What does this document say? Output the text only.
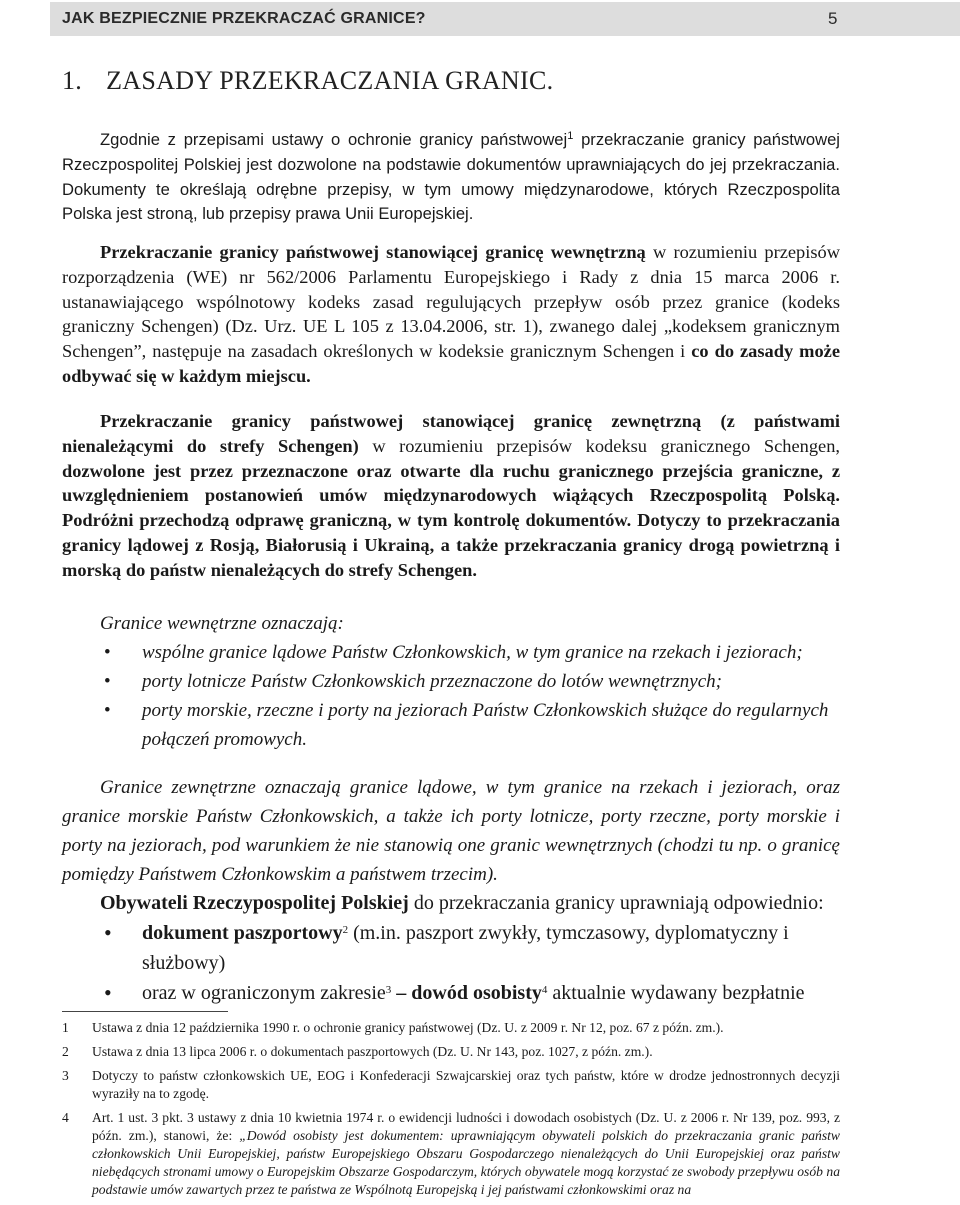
JAK BEZPIECZNIE PRZEKRACZAĆ GRANICE?	5
1. ZASADY PRZEKRACZANIA GRANIC.

Zgodnie z przepisami ustawy o ochronie granicy państwowej$^1$ przekraczanie granicy państwowej Rzeczpospolitej Polskiej jest dozwolone na podstawie dokumentów uprawniających do jej przekraczania. Dokumenty te określają odrębne przepisy, w tym umowy międzynarodowe, których Rzeczpospolita Polska jest stroną, lub przepisy prawa Unii Europejskiej.

Przekraczanie granicy państwowej stanowiącej granicę wewnętrzną w rozumieniu przepisów rozporządzenia (WE) nr 562/2006 Parlamentu Europejskiego i Rady z dnia 15 marca 2006 r. ustanawiającego wspólnotowy kodeks zasad regulujących przepływ osób przez granice (kodeks graniczny Schengen) (Dz. Urz. UE L 105 z 13.04.2006, str. 1), zwanego dalej „kodeksem granicznym Schengen”, następuje na zasadach określonych w kodeksie granicznym Schengen i co do zasady może odbywać się w każdym miejscu.

Przekraczanie granicy państwowej stanowiącej granicę zewnętrzną (z państwami nienależącymi do strefy Schengen) w rozumieniu przepisów kodeksu granicznego Schengen, dozwolone jest przez przeznaczone oraz otwarte dla ruchu granicznego przejścia graniczne, z uwzględnieniem postanowień umów międzynarodowych wiążących Rzeczpospolitą Polską. Podróżni przechodzą odprawę graniczną, w tym kontrolę dokumentów. Dotyczy to przekraczania granicy lądowej z Rosją, Białorusią i Ukrainą, a także przekraczania granicy drogą powietrzną i morską do państw nienależących do strefy Schengen.

Granice wewnętrzne oznaczają:

• wspólne granice lądowe Państw Członkowskich, w tym granice na rzekach i jeziorach;
• porty lotnicze Państw Członkowskich przeznaczone do lotów wewnętrznych;
• porty morskie, rzeczne i porty na jeziorach Państw Członkowskich służące do regularnych połączeń promowych.

Granice zewnętrzne oznaczają granice lądowe, w tym granice na rzekach i jeziorach, oraz granice morskie Państw Członkowskich, a także ich porty lotnicze, porty rzeczne, porty morskie i porty na jeziorach, pod warunkiem że nie stanowią one granic wewnętrznych (chodzi tu np. o granicę pomiędzy Państwem Członkowskim a państwem trzecim).

Obywateli Rzeczypospolitej Polskiej do przekraczania granicy uprawniają odpowiednio:

• dokument paszportowy$^2$ (m.in. paszport zwykły, tymczasowy, dyplomatyczny i służbowy)
• oraz w ograniczonym zakresie$^3$ – dowód osobisty$^4$ aktualnie wydawany bezpłatnie
1 Ustawa z dnia 12 października 1990 r. o ochronie granicy państwowej (Dz. U. z 2009 r. Nr 12, poz. 67 z późn. zm.).
2 Ustawa z dnia 13 lipca 2006 r. o dokumentach paszportowych (Dz. U. Nr 143, poz. 1027, z późn. zm.).
3 Dotyczy to państw członkowskich UE, EOG i Konfederacji Szwajcarskiej oraz tych państw, które w drodze jednostronnych decyzji wyraziły na to zgodę.
4 Art. 1 ust. 3 pkt. 3 ustawy z dnia 10 kwietnia 1974 r. o ewidencji ludności i dowodach osobistych (Dz. U. z 2006 r. Nr 139, poz. 993, z późn. zm.), stanowi, że: „Dowód osobisty jest dokumentem: uprawniającym obywateli polskich do przekraczania granic państw członkowskich Unii Europejskiej, państw Europejskiego Obszaru Gospodarczego nienależących do Unii Europejskiej oraz państw niebędących stronami umowy o Europejskim Obszarze Gospodarczym, których obywatele mogą korzystać ze swobody przepływu osób na podstawie umów zawartych przez te państwa ze Wspólnotą Europejską i jej państwami członkowskimi oraz na
